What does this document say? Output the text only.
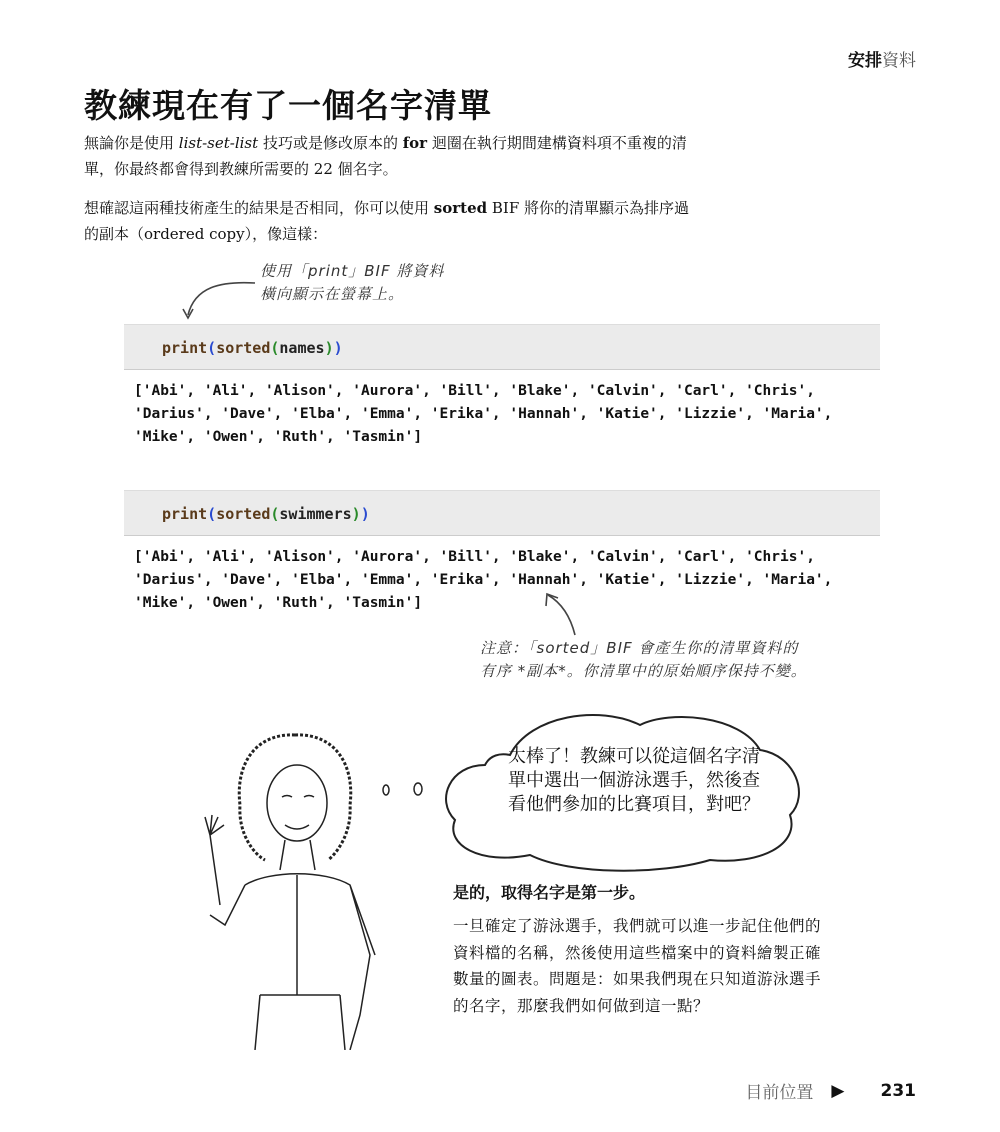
安排資料
教練現在有了一個名字清單
無論你是使用 list-set-list 技巧或是修改原本的 for 迴圈在執行期間建構資料項不重複的清單，你最終都會得到教練所需要的 22 個名字。
想確認這兩種技術產生的結果是否相同，你可以使用 sorted BIF 將你的清單顯示為排序過的副本（ordered copy），像這樣：
使用「print」BIF 將資料
橫向顯示在螢幕上。
print(sorted(names))
['Abi', 'Ali', 'Alison', 'Aurora', 'Bill', 'Blake', 'Calvin', 'Carl', 'Chris',
'Darius', 'Dave', 'Elba', 'Emma', 'Erika', 'Hannah', 'Katie', 'Lizzie', 'Maria',
'Mike', 'Owen', 'Ruth', 'Tasmin']
print(sorted(swimmers))
['Abi', 'Ali', 'Alison', 'Aurora', 'Bill', 'Blake', 'Calvin', 'Carl', 'Chris',
'Darius', 'Dave', 'Elba', 'Emma', 'Erika', 'Hannah', 'Katie', 'Lizzie', 'Maria',
'Mike', 'Owen', 'Ruth', 'Tasmin']
注意：「sorted」BIF 會產生你的清單資料的
有序 *副本*。你清單中的原始順序保持不變。
太棒了！教練可以從這個名字清單中選出一個游泳選手，然後查看他們參加的比賽項目，對吧？
是的，取得名字是第一步。
一旦確定了游泳選手，我們就可以進一步記住他們的資料檔的名稱，然後使用這些檔案中的資料繪製正確數量的圖表。問題是：如果我們現在只知道游泳選手的名字，那麼我們如何做到這一點？
目前位置 ▶ 231
